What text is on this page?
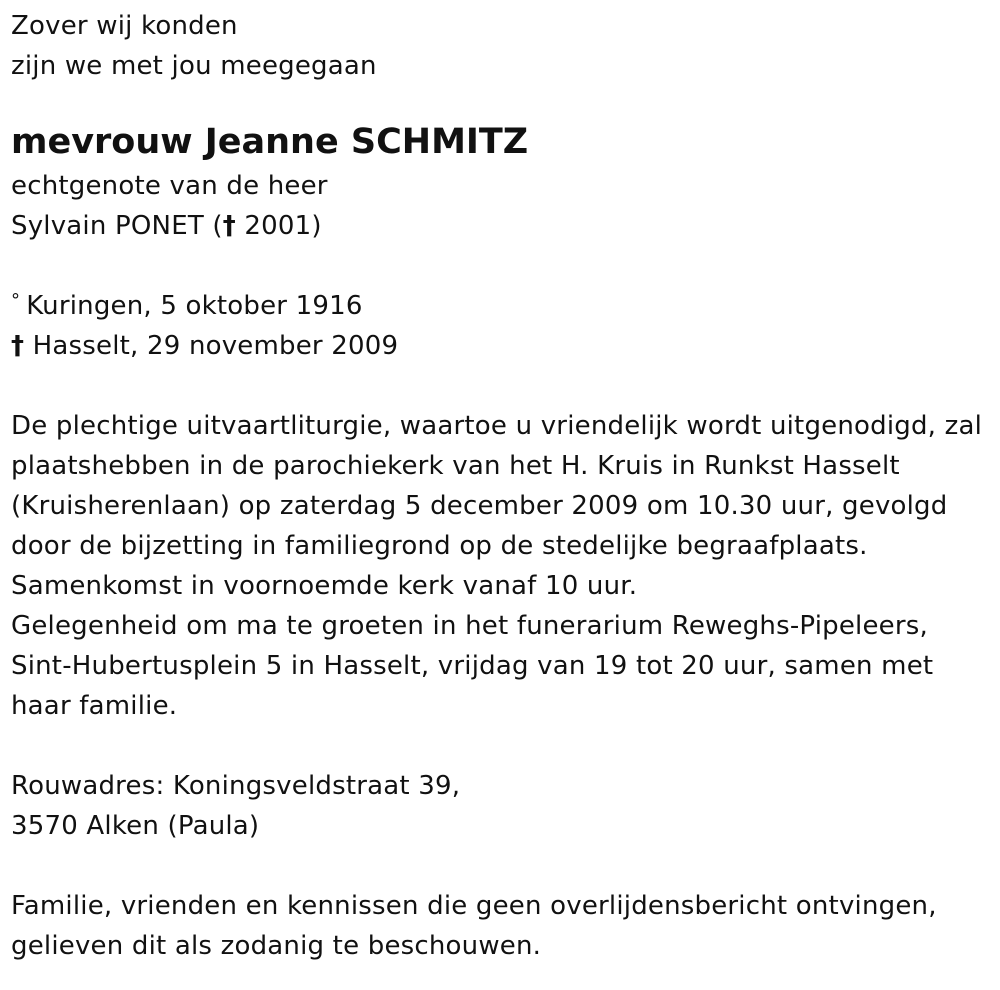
Zover wij konden
zijn we met jou meegegaan
mevrouw Jeanne SCHMITZ
echtgenote van de heer
Sylvain PONET († 2001)
° Kuringen, 5 oktober 1916
† Hasselt, 29 november 2009
De plechtige uitvaartliturgie, waartoe u vriendelijk wordt uitgenodigd, zal
plaatshebben in de parochiekerk van het H. Kruis in Runkst Hasselt
(Kruisherenlaan) op zaterdag 5 december 2009 om 10.30 uur, gevolgd
door de bijzetting in familiegrond op de stedelijke begraafplaats.
Samenkomst in voornoemde kerk vanaf 10 uur.
Gelegenheid om ma te groeten in het funerarium Reweghs-Pipeleers,
Sint-Hubertusplein 5 in Hasselt, vrijdag van 19 tot 20 uur, samen met
haar familie.
Rouwadres: Koningsveldstraat 39,
3570 Alken (Paula)
Familie, vrienden en kennissen die geen overlijdensbericht ontvingen,
gelieven dit als zodanig te beschouwen.
